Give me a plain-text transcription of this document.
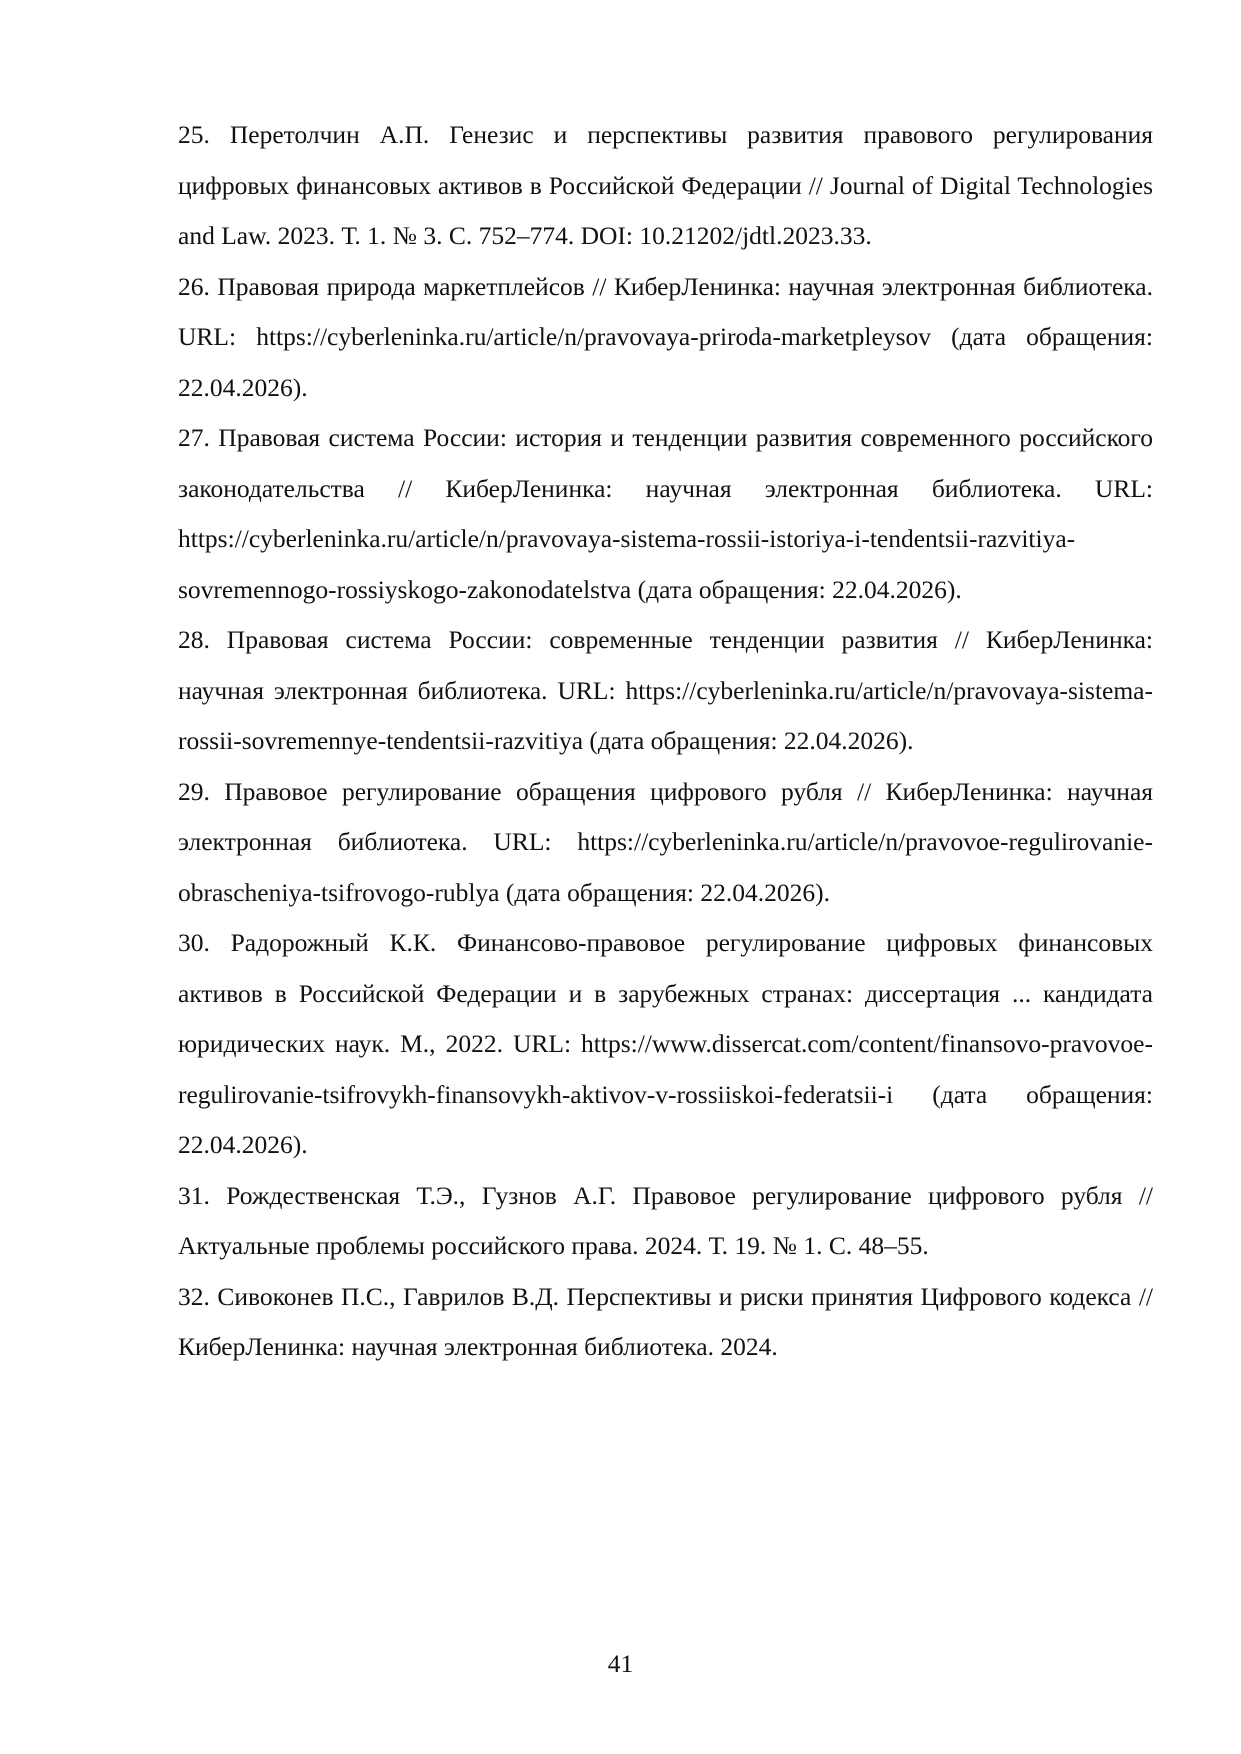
25. Перетолчин А.П. Генезис и перспективы развития правового регулирования цифровых финансовых активов в Российской Федерации // Journal of Digital Technologies and Law. 2023. Т. 1. № 3. С. 752–774. DOI: 10.21202/jdtl.2023.33.

26. Правовая природа маркетплейсов // КиберЛенинка: научная электронная библиотека. URL: https://cyberleninka.ru/article/n/pravovaya-priroda-marketpleysov (дата обращения: 22.04.2026).

27. Правовая система России: история и тенденции развития современного российского законодательства // КиберЛенинка: научная электронная библиотека. URL: https://cyberleninka.ru/article/n/pravovaya-sistema-rossii-istoriya-i-tendentsii-razvitiya-sovremennogo-rossiyskogo-zakonodatelstva (дата обращения: 22.04.2026).

28. Правовая система России: современные тенденции развития // КиберЛенинка: научная электронная библиотека. URL: https://cyberleninka.ru/article/n/pravovaya-sistema-rossii-sovremennye-tendentsii-razvitiya (дата обращения: 22.04.2026).

29. Правовое регулирование обращения цифрового рубля // КиберЛенинка: научная электронная библиотека. URL: https://cyberleninka.ru/article/n/pravovoe-regulirovanie-obrascheniya-tsifrovogo-rublya (дата обращения: 22.04.2026).

30. Радорожный К.К. Финансово-правовое регулирование цифровых финансовых активов в Российской Федерации и в зарубежных странах: диссертация ... кандидата юридических наук. М., 2022. URL: https://www.dissercat.com/content/finansovo-pravovoe-regulirovanie-tsifrovykh-finansovykh-aktivov-v-rossiiskoi-federatsii-i (дата обращения: 22.04.2026).

31. Рождественская Т.Э., Гузнов А.Г. Правовое регулирование цифрового рубля // Актуальные проблемы российского права. 2024. Т. 19. № 1. С. 48–55.

32. Сивоконев П.С., Гаврилов В.Д. Перспективы и риски принятия Цифрового кодекса // КиберЛенинка: научная электронная библиотека. 2024.

41
